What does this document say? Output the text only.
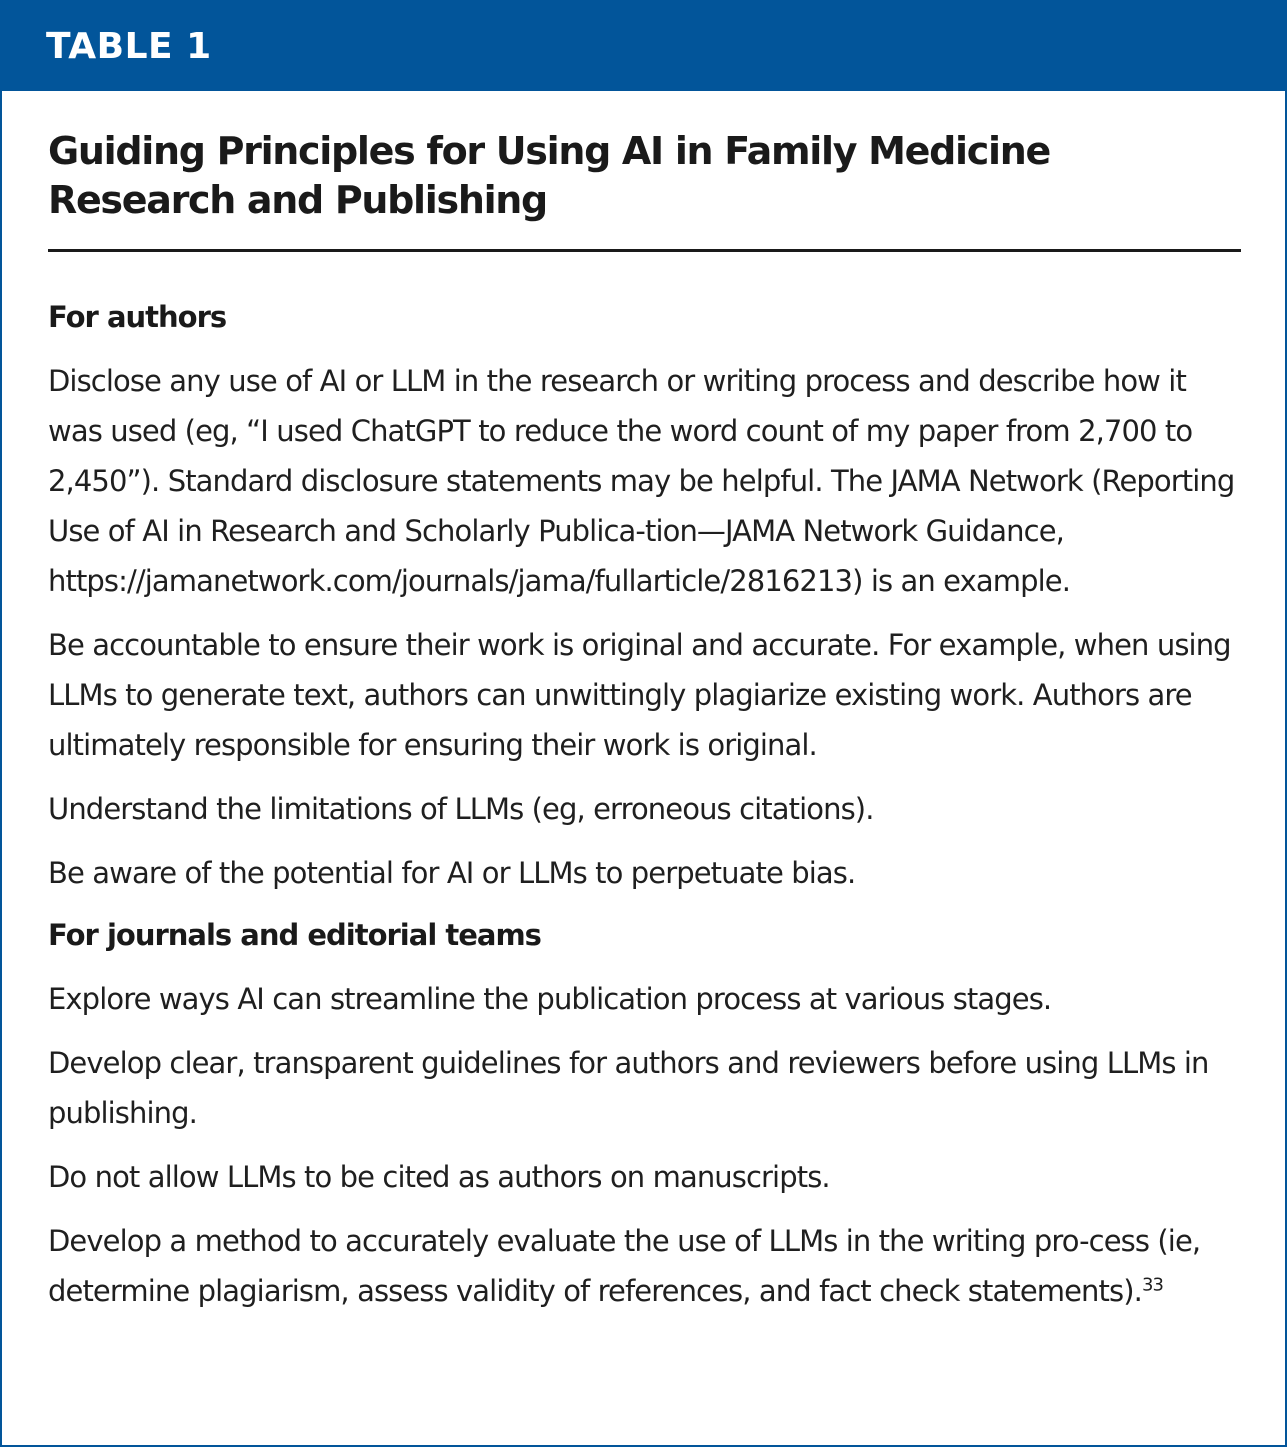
TABLE 1
Guiding Principles for Using AI in Family Medicine Research and Publishing

For authors

Disclose any use of AI or LLM in the research or writing process and describe how it was used (eg, “I used ChatGPT to reduce the word count of my paper from 2,700 to 2,450”). Standard disclosure statements may be helpful. The JAMA Network (Reporting Use of AI in Research and Scholarly Publica-tion—JAMA Network Guidance, https://jamanetwork.com/journals/jama/fullarticle/2816213) is an example.

Be accountable to ensure their work is original and accurate. For example, when using LLMs to generate text, authors can unwittingly plagiarize existing work. Authors are ultimately responsible for ensuring their work is original.

Understand the limitations of LLMs (eg, erroneous citations).

Be aware of the potential for AI or LLMs to perpetuate bias.

For journals and editorial teams

Explore ways AI can streamline the publication process at various stages.

Develop clear, transparent guidelines for authors and reviewers before using LLMs in publishing.

Do not allow LLMs to be cited as authors on manuscripts.

Develop a method to accurately evaluate the use of LLMs in the writing pro-cess (ie, determine plagiarism, assess validity of references, and fact check statements).$^{33}$
